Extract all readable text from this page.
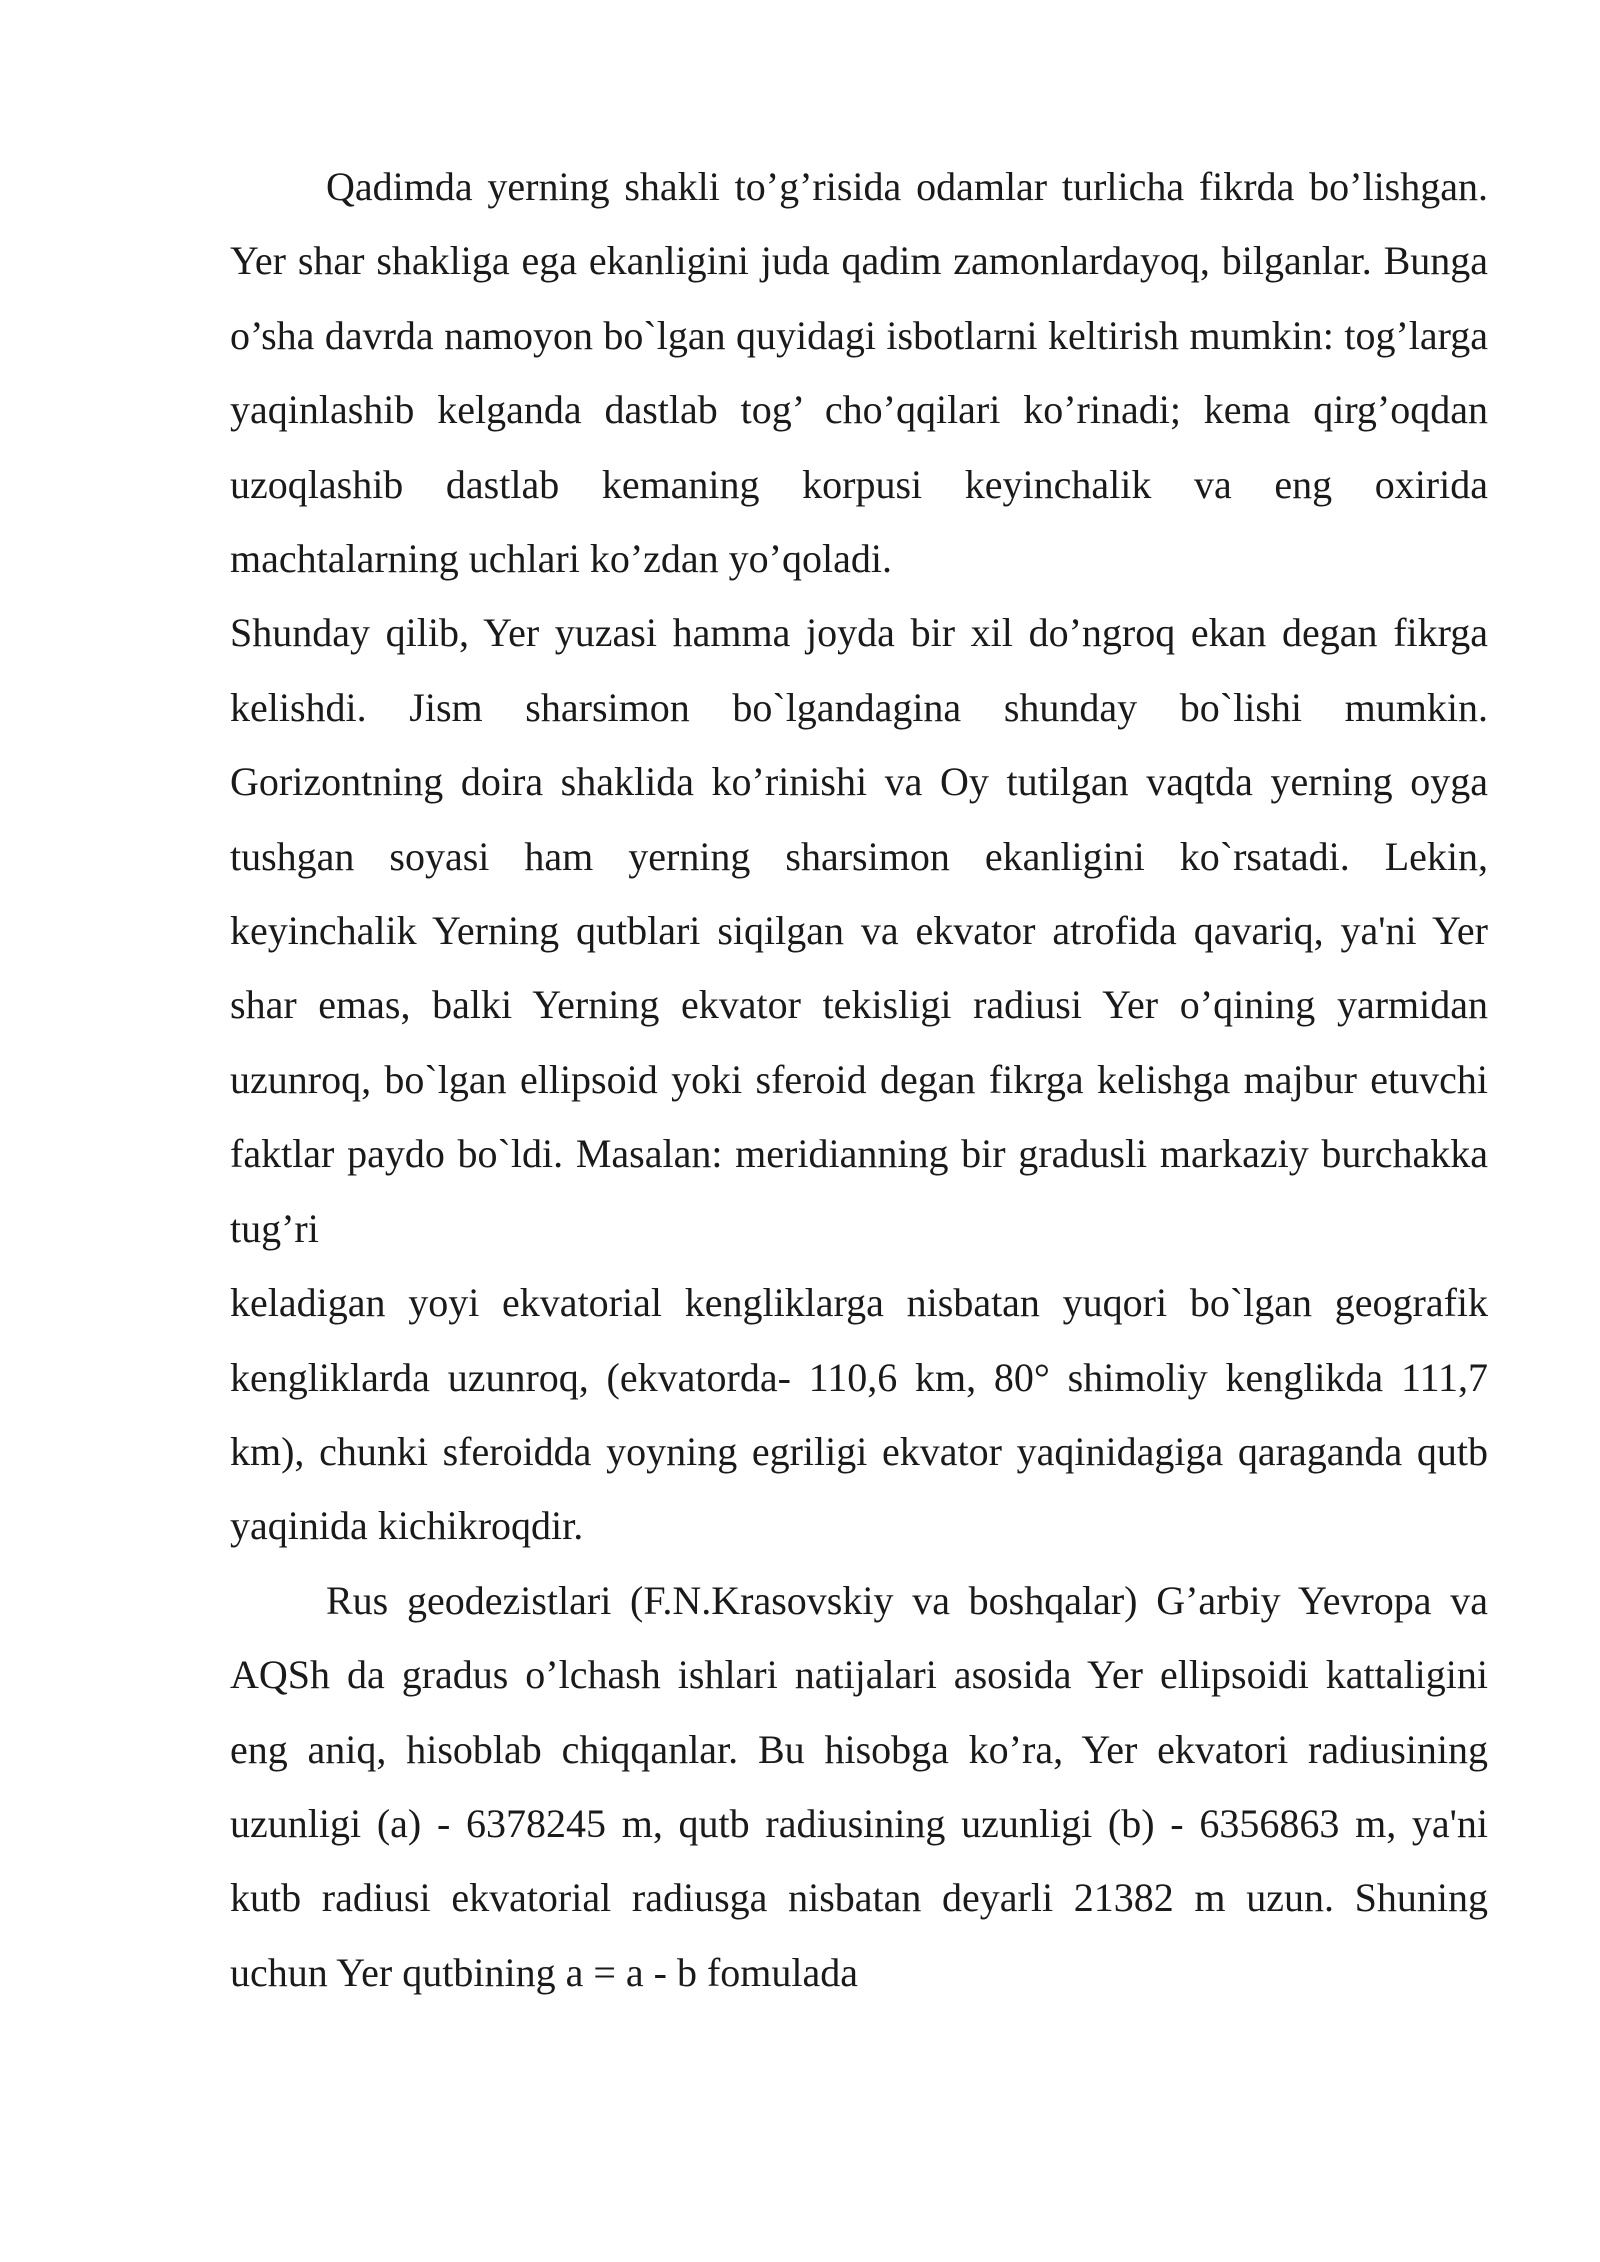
Qadimda yerning shakli to’g’risida odamlar turlicha fikrda bo’lishgan. Yer shar shakliga ega ekanligini juda qadim zamonlardayoq, bilganlar. Bunga o’sha davrda namoyon bo`lgan quyidagi isbotlarni keltirish mumkin: tog’larga yaqinlashib kelganda dastlab tog’ cho’qqilari ko’rinadi; kema qirg’oqdan uzoqlashib dastlab kemaning korpusi keyinchalik va eng oxirida machtalarning uchlari ko’zdan yo’qoladi.

Shunday qilib, Yer yuzasi hamma joyda bir xil do’ngroq ekan degan fikrga kelishdi. Jism sharsimon bo`lgandagina shunday bo`lishi mumkin. Gorizontning doira shaklida ko’rinishi va Oy tutilgan vaqtda yerning oyga tushgan soyasi ham yerning sharsimon ekanligini ko`rsatadi. Lekin, keyinchalik Yerning qutblari siqilgan va ekvator atrofida qavariq, ya'ni Yer shar emas, balki Yerning ekvator tekisligi radiusi Yer o’qining yarmidan uzunroq, bo`lgan ellipsoid yoki sferoid degan fikrga kelishga majbur etuvchi faktlar paydo bo`ldi. Masalan: meridianning bir gradusli markaziy burchakka tug’ri

keladigan yoyi ekvatorial kengliklarga nisbatan yuqori bo`lgan geografik kengliklarda uzunroq, (ekvatorda- 110,6 km, 80° shimoliy kenglikda 111,7 km), chunki sferoidda yoyning egriligi ekvator yaqinidagiga qaraganda qutb yaqinida kichikroqdir.

Rus geodezistlari (F.N.Krasovskiy va boshqalar) G’arbiy Yevropa va AQSh da gradus o’lchash ishlari natijalari asosida Yer ellipsoidi kattaligini eng aniq, hisoblab chiqqanlar. Bu hisobga ko’ra, Yer ekvatori radiusining uzunligi (a) - 6378245 m, qutb radiusining uzunligi (b) - 6356863 m, ya'ni kutb radiusi ekvatorial radiusga nisbatan deyarli 21382 m uzun. Shuning uchun Yer qutbining a = a - b fomulada
